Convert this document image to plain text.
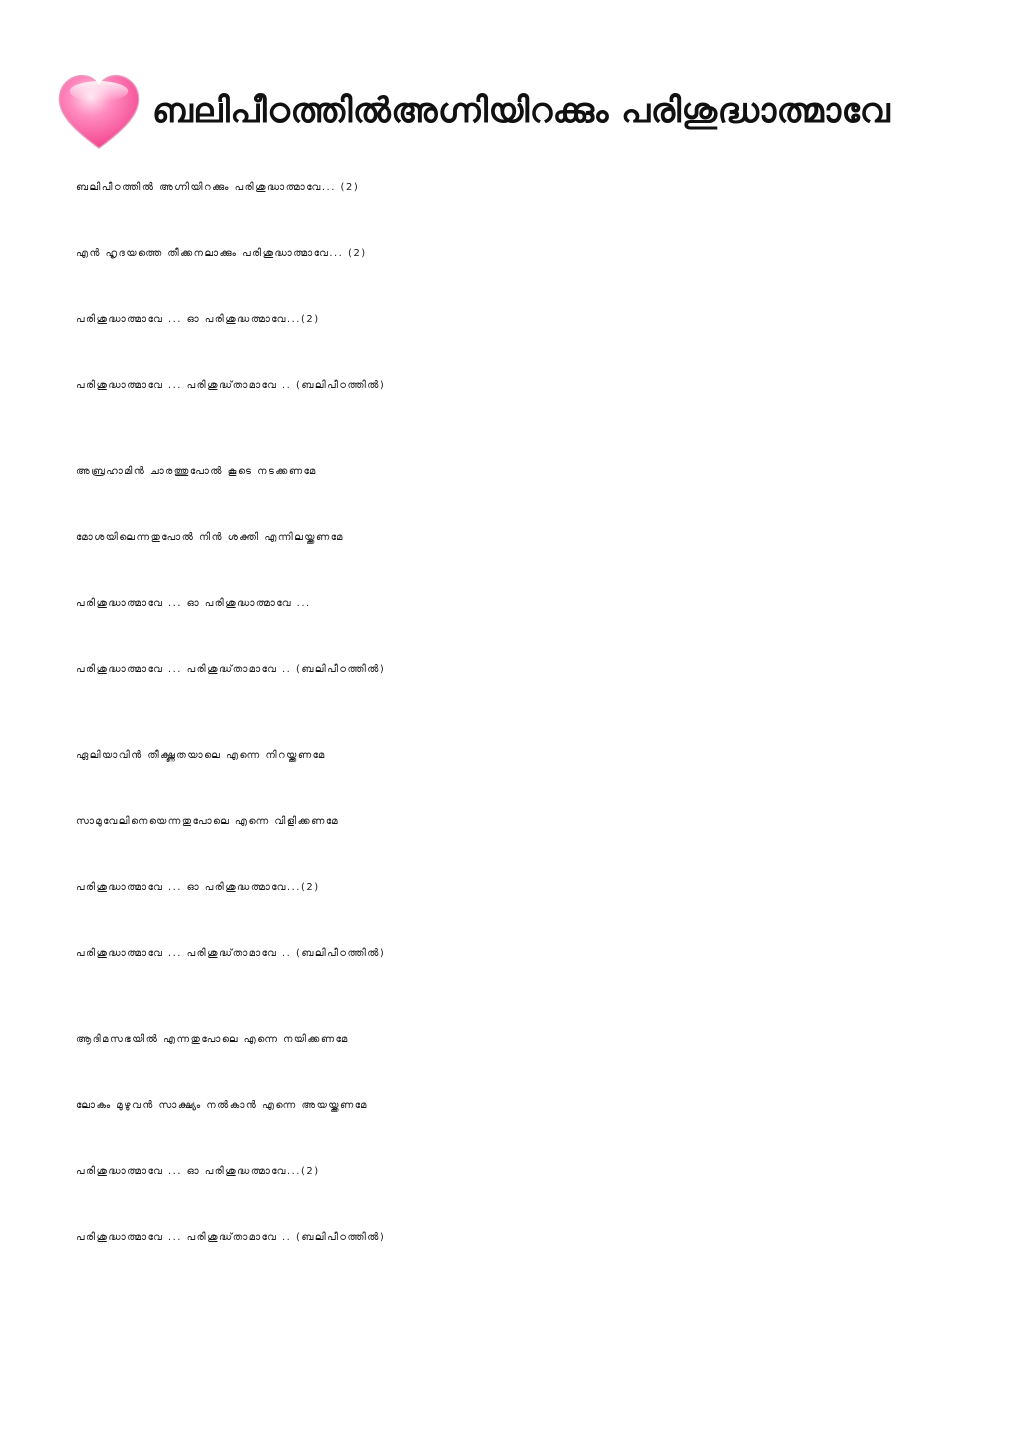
ബലിപീഠത്തിൽഅഗ്നിയിറക്കും പരിശുദ്ധാത്മാവേ
ബലിപീഠത്തിൽ അഗ്നിയിറക്കും പരിശുദ്ധാത്മാവേ... (2)
എൻ ഹൃദയത്തെ തീക്കനലാക്കും പരിശുദ്ധാത്മാവേ... (2)
പരിശുദ്ധാത്മാവേ ... ഓ പരിശുദ്ധത്മാവേ...(2)
പരിശുദ്ധാത്മാവേ ... പരിശുദ്ധ്താമാവേ .. (ബലിപീഠത്തിൽ)
അബ്രഹാമിൻ ചാരത്തുപോൽ കൂടെ നടക്കണമേ
മോശയിലെന്നതുപോൽ നിൻ ശക്തി എന്നിലയ്ക്കണമേ
പരിശുദ്ധാത്മാവേ ... ഓ പരിശുദ്ധാത്മാവേ ...
പരിശുദ്ധാത്മാവേ ... പരിശുദ്ധ്താമാവേ .. (ബലിപീഠത്തിൽ)
ഏലിയാവിൻ തീക്ഷ്ണതയാലെ എന്നെ നിറയ്ക്കണമേ
സാമുവേലിനെയെന്നതുപോലെ എന്നെ വിളിക്കണമേ
പരിശുദ്ധാത്മാവേ ... ഓ പരിശുദ്ധത്മാവേ...(2)
പരിശുദ്ധാത്മാവേ ... പരിശുദ്ധ്താമാവേ .. (ബലിപീഠത്തിൽ)
ആദിമസഭയിൽ എന്നതുപോലെ എന്നെ നയിക്കണമേ
ലോകം മുഴുവൻ സാക്ഷ്യം നൽകാൻ എന്നെ അയയ്ക്കണമേ
പരിശുദ്ധാത്മാവേ ... ഓ പരിശുദ്ധത്മാവേ...(2)
പരിശുദ്ധാത്മാവേ ... പരിശുദ്ധ്താമാവേ .. (ബലിപീഠത്തിൽ)
